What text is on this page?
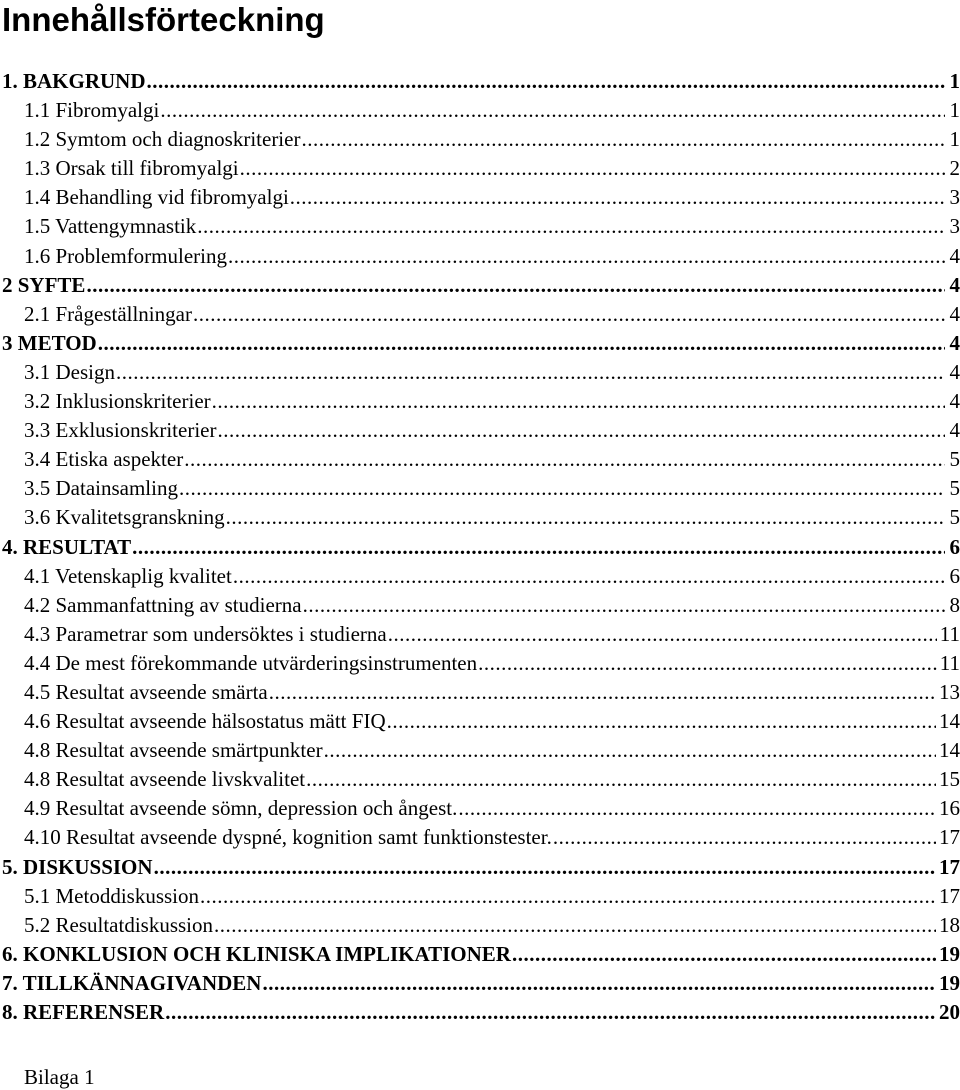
Innehållsförteckning
1. BAKGRUND .....	1
1.1 Fibromyalgi .....	1
1.2 Symtom och diagnoskriterier .....	1
1.3 Orsak till fibromyalgi .....	2
1.4 Behandling vid fibromyalgi .....	3
1.5 Vattengymnastik .....	3
1.6 Problemformulering .....	4
2 SYFTE .....	4
2.1 Frågeställningar .....	4
3 METOD .....	4
3.1 Design .....	4
3.2 Inklusionskriterier .....	4
3.3 Exklusionskriterier .....	4
3.4 Etiska aspekter .....	5
3.5 Datainsamling .....	5
3.6 Kvalitetsgranskning .....	5
4. RESULTAT .....	6
4.1 Vetenskaplig kvalitet .....	6
4.2 Sammanfattning av studierna .....	8
4.3 Parametrar som undersöktes i studierna .....	11
4.4 De mest förekommande utvärderingsinstrumenten .....	11
4.5 Resultat avseende smärta .....	13
4.6 Resultat avseende hälsostatus mätt FIQ .....	14
4.8 Resultat avseende smärtpunkter .....	14
4.8 Resultat avseende livskvalitet .....	15
4.9 Resultat avseende sömn, depression och ångest. .....	16
4.10 Resultat avseende dyspné, kognition samt funktionstester. .....	17
5. DISKUSSION .....	17
5.1 Metoddiskussion .....	17
5.2 Resultatdiskussion .....	18
6. KONKLUSION OCH KLINISKA IMPLIKATIONER .....	19
7. TILLKÄNNAGIVANDEN .....	19
8. REFERENSER .....	20
Bilaga 1
